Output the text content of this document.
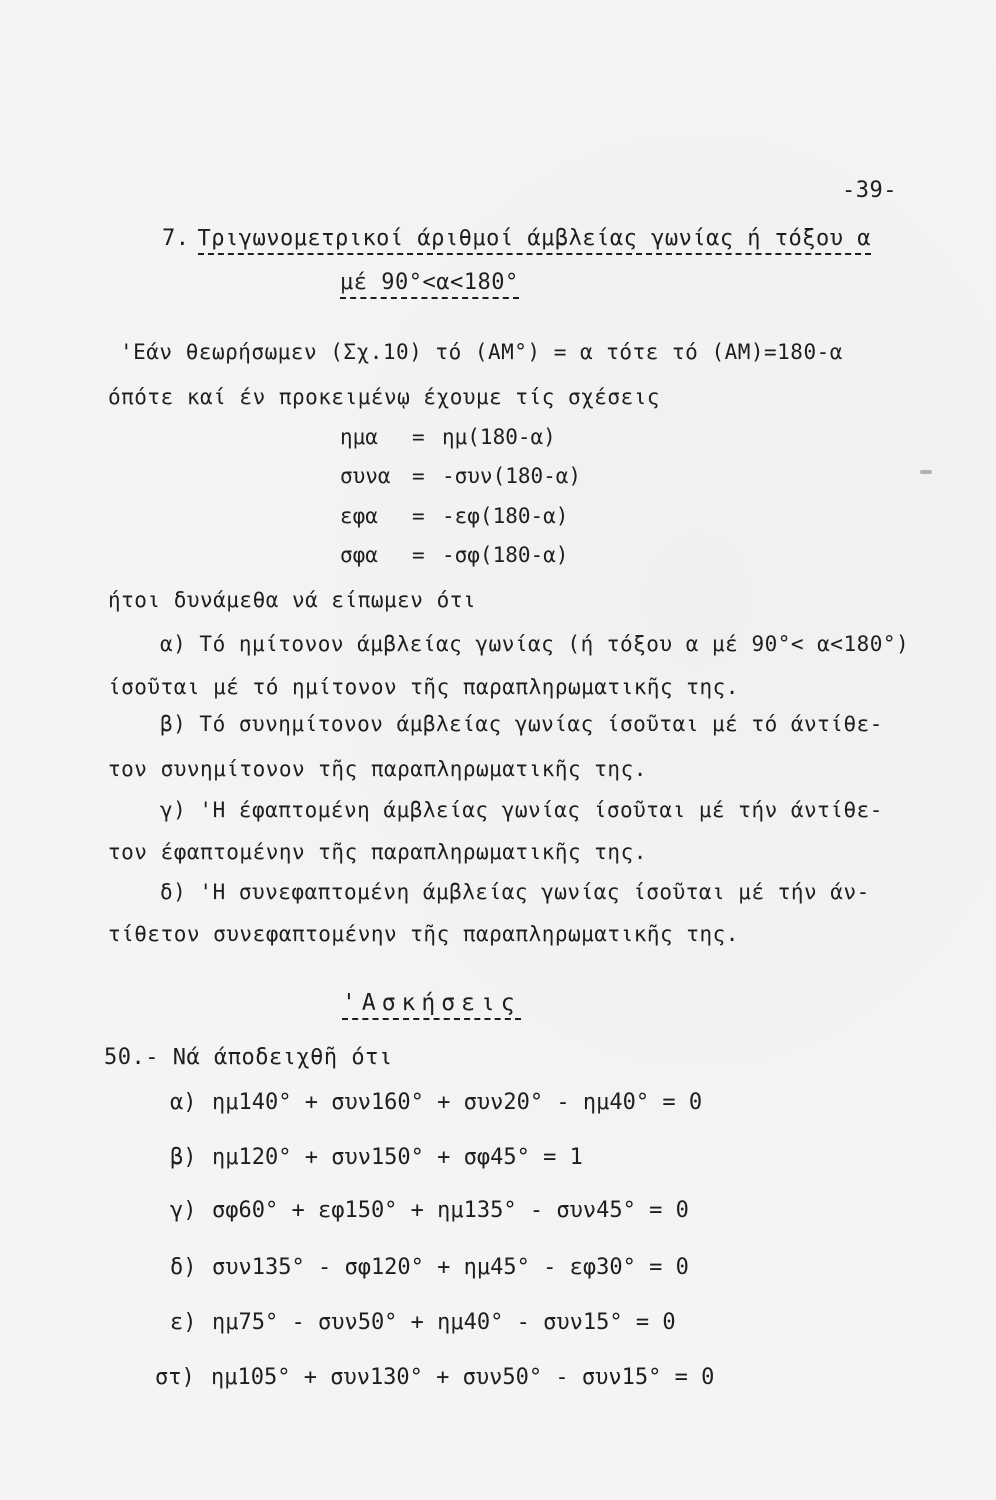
-39-
7. Τριγωνομετρικοί άριθμοί άμβλείας γωνίας ή τόξου α
μέ 90°<α<180°
'Εάν θεωρήσωμεν (Σχ.10) τό (ΑΜ°) = α τότε τό (ΑΜ)=180-α
όπότε καί έν προκειμένῳ έχουμε τίς σχέσεις
ημα = ημ(180-α)
συνα = -συν(180-α)
εφα = -εφ(180-α)
σφα = -σφ(180-α)
ήτοι δυνάμεθα νά είπωμεν ότι
α) Τό ημίτονον άμβλείας γωνίας (ή τόξου α μέ 90°< α<180°)
ίσοῦται μέ τό ημίτονον τῆς παραπληρωματικῆς της.
β) Τό συνημίτονον άμβλείας γωνίας ίσοῦται μέ τό άντίθε-
τον συνημίτονον τῆς παραπληρωματικῆς της.
γ) 'Η έφαπτομένη άμβλείας γωνίας ίσοῦται μέ τήν άντίθε-
τον έφαπτομένην τῆς παραπληρωματικῆς της.
δ) 'Η συνεφαπτομένη άμβλείας γωνίας ίσοῦται μέ τήν άν-
τίθετον συνεφαπτομένην τῆς παραπληρωματικῆς της.
'Ασκήσεις
50.- Νά άποδειχθῆ ότι
α) ημ140° + συν160° + συν20° - ημ40° = 0
β) ημ120° + συν150° + σφ45° = 1
γ) σφ60° + εφ150° + ημ135° - συν45° = 0
δ) συν135° - σφ120° + ημ45° - εφ30° = 0
ε) ημ75° - συν50° + ημ40° - συν15° = 0
στ) ημ105° + συν130° + συν50° - συν15° = 0
